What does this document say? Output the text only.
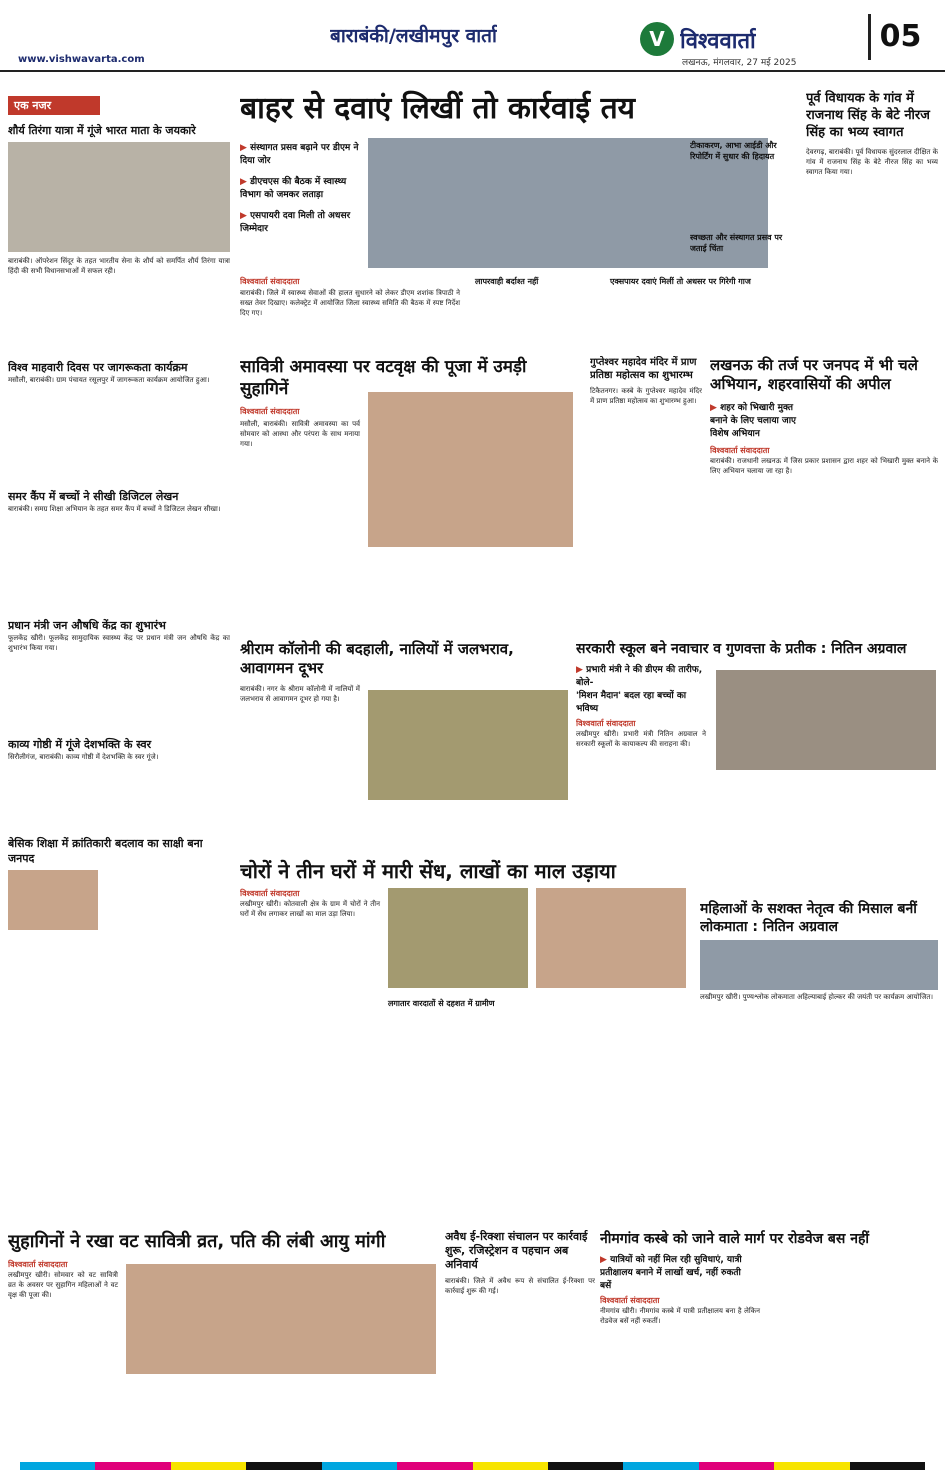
www.vishwavarta.com
बाराबंकी/लखीमपुर वार्ता	V विश्ववार्ता
लखनऊ, मंगलवार, 27 मई 2025
05
एक नजर
शौर्य तिरंगा यात्रा में गूंजे भारत माता के जयकारे
बाराबंकी। ऑपरेशन सिंदूर के तहत भारतीय सेना के शौर्य को समर्पित शौर्य तिरंगा यात्रा हिंदी की सभी विधानसभाओं में सफल रही।
विश्व माहवारी दिवस पर जागरूकता कार्यक्रम
मसौली, बाराबंकी। ग्राम पंचायत रसूलपुर में जागरूकता कार्यक्रम आयोजित हुआ।
समर कैंप में बच्चों ने सीखी डिजिटल लेखन
बाराबंकी। समग्र शिक्षा अभियान के तहत समर कैंप में बच्चों ने डिजिटल लेखन सीखा।
प्रधान मंत्री जन औषधि केंद्र का शुभारंभ
फूलकेंद्र खीरी। फूलकेंद्र सामुदायिक स्वास्थ्य केंद्र पर प्रधान मंत्री जन औषधि केंद्र का शुभारंभ किया गया।
काव्य गोष्ठी में गूंजे देशभक्ति के स्वर
सिरौलीगंज, बाराबंकी। काव्य गोष्ठी में देशभक्ति के स्वर गूंजे।
बेसिक शिक्षा में क्रांतिकारी बदलाव का साक्षी बना जनपद
बाहर से दवाएं लिखीं तो कार्रवाई तय
▶ संस्थागत प्रसव बढ़ाने पर डीएम ने दिया जोर
▶ डीएचएस की बैठक में स्वास्थ्य विभाग को जमकर लताड़ा
▶ एसपायरी दवा मिली तो अधसर जिम्मेदार
विश्ववार्ता संवाददाता
बाराबंकी। जिले में स्वास्थ्य सेवाओं की हालत सुधारने को लेकर डीएम शशांक त्रिपाठी ने सख्त तेवर दिखाए। कलेक्ट्रेट में आयोजित जिला स्वास्थ्य समिति की बैठक में स्पष्ट निर्देश दिए गए।
लापरवाही बर्दाश्त नहीं	एक्सपायर दवाएं मिलीं तो अधसर पर गिरेगी गाज
टीकाकरण, आभा आईडी और रिपोर्टिंग में सुधार की हिदायत
स्वच्छता और संस्थागत प्रसव पर जताई चिंता
पूर्व विधायक के गांव में राजनाथ सिंह के बेटे नीरज सिंह का भव्य स्वागत
देवरगढ़, बाराबंकी। पूर्व विधायक सुंदरलाल दीक्षित के गांव में राजनाथ सिंह के बेटे नीरज सिंह का भव्य स्वागत किया गया।
सावित्री अमावस्या पर वटवृक्ष की पूजा में उमड़ी सुहागिनें
विश्ववार्ता संवाददाता
मसौली, बाराबंकी। सावित्री अमावस्या का पर्व सोमवार को आस्था और परंपरा के साथ मनाया गया।
गुप्तेश्वर महादेव मंदिर में प्राण प्रतिष्ठा महोत्सव का शुभारम्भ
टिकैतनगर। कस्बे के गुप्तेश्वर महादेव मंदिर में प्राण प्रतिष्ठा महोत्सव का शुभारम्भ हुआ।
लखनऊ की तर्ज पर जनपद में भी चले अभियान, शहरवासियों की अपील
▶ शहर को भिखारी मुक्त बनाने के लिए चलाया जाए विशेष अभियान
विश्ववार्ता संवाददाता
बाराबंकी। राजधानी लखनऊ में जिस प्रकार प्रशासन द्वारा शहर को भिखारी मुक्त बनाने के लिए अभियान चलाया जा रहा है।
श्रीराम कॉलोनी की बदहाली, नालियों में जलभराव, आवागमन दूभर
बाराबंकी। नगर के श्रीराम कॉलोनी में नालियों में जलभराव से आवागमन दूभर हो गया है।
सरकारी स्कूल बने नवाचार व गुणवत्ता के प्रतीक : नितिन अग्रवाल
▶ प्रभारी मंत्री ने की डीएम की तारीफ, बोले-
'मिशन मैदान' बदल रहा बच्चों का भविष्य
विश्ववार्ता संवाददाता
लखीमपुर खीरी। प्रभारी मंत्री नितिन अग्रवाल ने सरकारी स्कूलों के कायाकल्प की सराहना की।
चोरों ने तीन घरों में मारी सेंध, लाखों का माल उड़ाया
विश्ववार्ता संवाददाता
लखीमपुर खीरी। कोतवाली क्षेत्र के ग्राम में चोरों ने तीन घरों में सेंध लगाकर लाखों का माल उड़ा लिया।
लगातार वारदातों से दहशत में ग्रामीण
महिलाओं के सशक्त नेतृत्व की मिसाल बनीं लोकमाता : नितिन अग्रवाल
लखीमपुर खीरी। पुण्यश्लोक लोकमाता अहिल्याबाई होल्कर की जयंती पर कार्यक्रम आयोजित।
सुहागिनों ने रखा वट सावित्री व्रत, पति की लंबी आयु मांगी
विश्ववार्ता संवाददाता
लखीमपुर खीरी। सोमवार को वट सावित्री व्रत के अवसर पर सुहागिन महिलाओं ने वट वृक्ष की पूजा की।
अवैध ई-रिक्शा संचालन पर कार्रवाई शुरू, रजिस्ट्रेशन व पहचान अब अनिवार्य
बाराबंकी। जिले में अवैध रूप से संचालित ई-रिक्शा पर कार्रवाई शुरू की गई।
नीमगांव कस्बे को जाने वाले मार्ग पर रोडवेज बस नहीं
▶ यात्रियों को नहीं मिल रही सुविधाएं, यात्री प्रतीक्षालय बनाने में लाखों खर्च, नहीं रुकती बसें
विश्ववार्ता संवाददाता
नीमगांव खीरी। नीमगांव कस्बे में यात्री प्रतीक्षालय बना है लेकिन रोडवेज बसें नहीं रुकतीं।
